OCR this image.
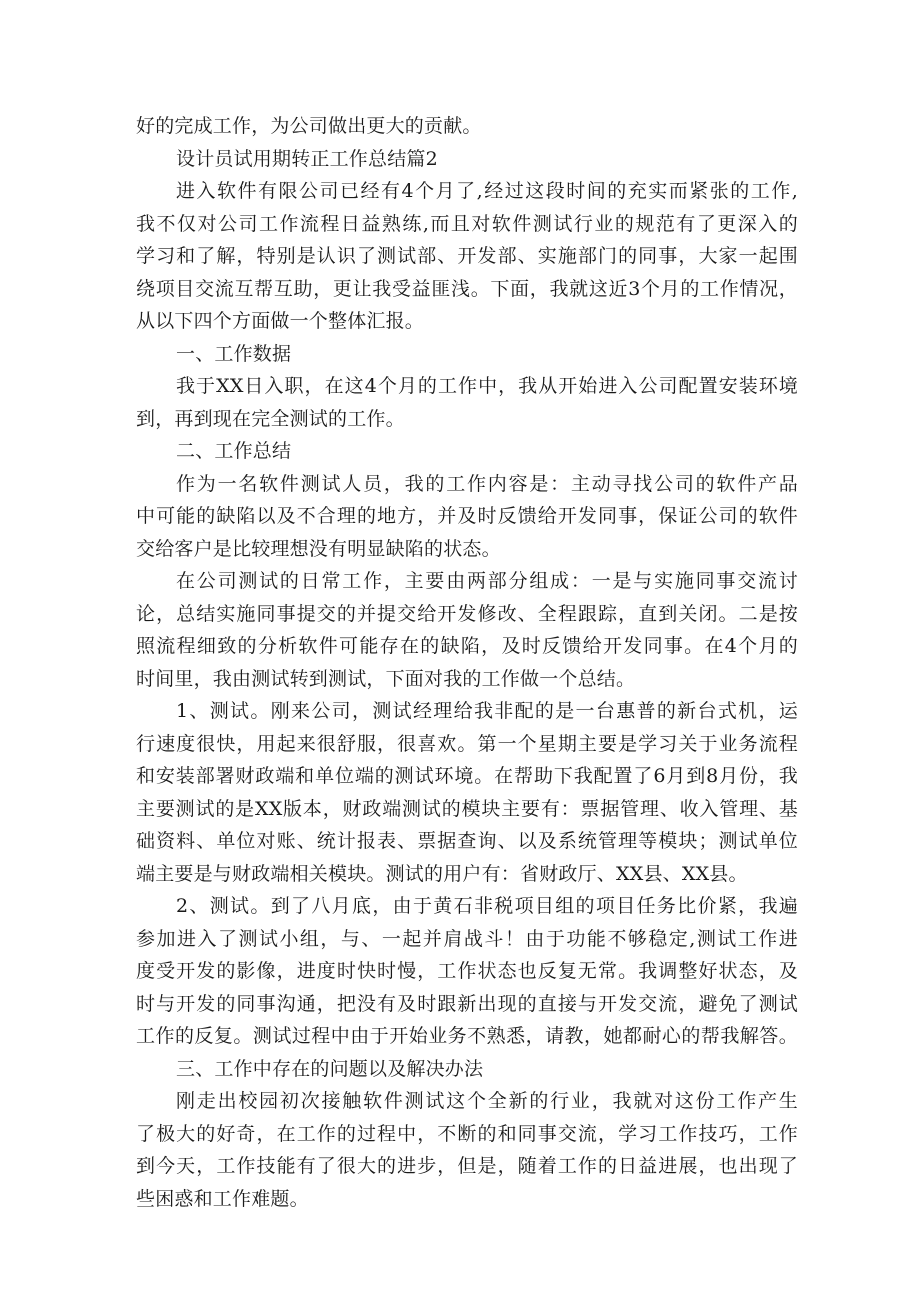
好的完成工作，为公司做出更大的贡献。
设计员试用期转正工作总结篇2
进入软件有限公司已经有4个月了,经过这段时间的充实而紧张的工作,
我不仅对公司工作流程日益熟练,而且对软件测试行业的规范有了更深入的
学习和了解，特别是认识了测试部、开发部、实施部门的同事，大家一起围
绕项目交流互帮互助，更让我受益匪浅。下面，我就这近3个月的工作情况，
从以下四个方面做一个整体汇报。
一、工作数据
我于XX日入职，在这4个月的工作中，我从开始进入公司配置安装环境
到，再到现在完全测试的工作。
二、工作总结
作为一名软件测试人员，我的工作内容是：主动寻找公司的软件产品
中可能的缺陷以及不合理的地方，并及时反馈给开发同事，保证公司的软件
交给客户是比较理想没有明显缺陷的状态。
在公司测试的日常工作，主要由两部分组成：一是与实施同事交流讨
论，总结实施同事提交的并提交给开发修改、全程跟踪，直到关闭。二是按
照流程细致的分析软件可能存在的缺陷，及时反馈给开发同事。在4个月的
时间里，我由测试转到测试，下面对我的工作做一个总结。
1、测试。刚来公司，测试经理给我非配的是一台惠普的新台式机，运
行速度很快，用起来很舒服，很喜欢。第一个星期主要是学习关于业务流程
和安装部署财政端和单位端的测试环境。在帮助下我配置了6月到8月份，我
主要测试的是XX版本，财政端测试的模块主要有：票据管理、收入管理、基
础资料、单位对账、统计报表、票据查询、以及系统管理等模块；测试单位
端主要是与财政端相关模块。测试的用户有：省财政厅、XX县、XX县。
2、测试。到了八月底，由于黄石非税项目组的项目任务比价紧，我遍
参加进入了测试小组，与、一起并肩战斗！由于功能不够稳定,测试工作进
度受开发的影像，进度时快时慢，工作状态也反复无常。我调整好状态，及
时与开发的同事沟通，把没有及时跟新出现的直接与开发交流，避免了测试
工作的反复。测试过程中由于开始业务不熟悉，请教，她都耐心的帮我解答。
三、工作中存在的问题以及解决办法
刚走出校园初次接触软件测试这个全新的行业，我就对这份工作产生
了极大的好奇，在工作的过程中，不断的和同事交流，学习工作技巧，工作
到今天，工作技能有了很大的进步，但是，随着工作的日益进展，也出现了
些困惑和工作难题。
